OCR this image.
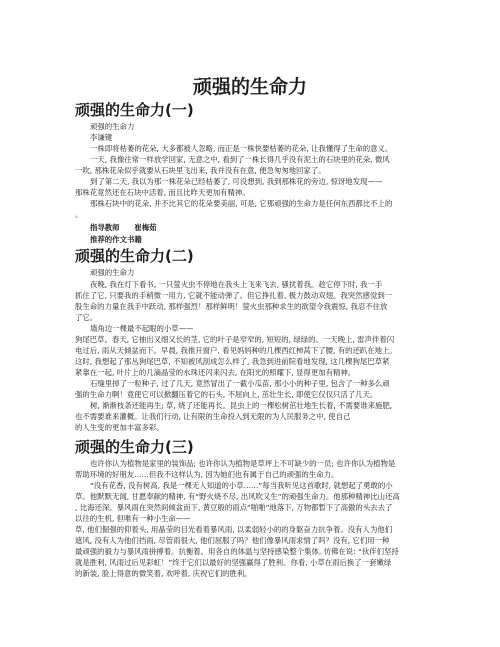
顽强的生命力
顽强的生命力(一)
顽强的生命力
李谦键
一株即将枯萎的花朵, 大多都被人忽略, 而正是一株快要枯萎的花朵, 让我懂得了生命的意义。
一天, 我像往常一样放学回家, 无意之中, 看到了一株长得几乎没有泥土的石块里的花朵, 微风
一吹, 那株花朵似乎就要从石块里飞出来, 我并没有在意, 便急匆匆地回家了。
到了第二天, 我以为那一株花朵已经枯萎了, 可没想到, 我到那株花的旁边, 惊讶地发现——
那株花竟然还在石块中活着, 而且比昨天更加有精神。
那株石块中的花朵, 并不比其它的花朵要美丽, 可是, 它那顽强的生命力是任何东西都比不上的
。
指导教师　　崔梅茹
推荐的作文书籍
顽强的生命力(二)
顽强的生命力
夜晚, 我在灯下看书, 一只萤火虫不停地在我头上飞来飞去, 骚扰着我。趁它停下时, 我一手
抓住了它, 只要我的手稍微一用力, 它就不能动弹了。但它挣扎着, 极力鼓动双翅。我突然感觉到一
股生命的力量在我手中跃动, 那样强烈！那样鲜明！萤火虫那种求生的欲望令我震惊, 我忍不住放
了它。
墙角边一棵最不起眼的小草——
狗尾巴草。春天, 它抽出又细又长的茎, 它的叶子是窄窄的, 短短的, 绿绿的。一天晚上, 雷声伴着闪
电过后, 雨从天倾盆而下。早晨, 我推开窗户, 看见妈妈种的几棵西红柿莴下了腰, 有的还趴在地上。
这时, 我想起了那丛狗尾巴草, 不知被风刮成怎么样了, 我急到进前院看地发现, 这几棵狗尾巴草紧
紧靠在一起, 叶片上的几滴晶莹的水珠还闪来闪去, 在阳光的照耀下, 显得更加有精神。
石缝里掉了一粒种子, 过了几天, 竟然冒出了一截小瓜苗, 那小小的种子里, 包含了一种多么顽
强的生命力啊！竟使它可以掀翻压着它的石头, 不屈向上, 茁壮生长, 即使它仅仅只活了几天。
树, 渐渐枝条还能再生; 草, 烧了还能再长。昆虫上的一棵松树茁壮地生长着, 不需要谁来施肥,
也不需要谁来灌概。让我们行动, 让有限的生命投入到无限的为人民服务之中, 使自己
的人生变的更加丰富多彩。
顽强的生命力(三)
也许你认为植物是家里的装饰品; 也许你认为植物是草坪上不可缺少的一员; 也许你认为植物是
帮助环境的好朋友……但我不这样认为, 因为她们也有属于自己的顽强的生命力。
“没有花香, 没有树高, 我是一棵无人知道的小草……”每当我听见这首歌时, 就想起了勇敢的小
草。他默默无闻, 甘愿奉献的精神, 有“野火烧不尽, 出风吹又生”的顽强生命力。他那种精神比山还高
, 比海还深。暴风雨在突然间倾盆而下, 黄豆般的雨点“啪啪”地落下, 万物都暂下了高傲的头去去了
以往的生机, 但唯有一种小生命——
草, 他们倔强的仰着头, 用晶莹的目光看着暴风雨, 以柔弱轻小的的身躯奋力抗争着。没有人为他们
遮风, 没有人为他们挡雨, 尽管雨很大, 他们屈服了吗？他们像暴风雨求情了吗？没有, 它们用一种
最顽强的毅力与暴风雨拼搏着。抗衡着。用各自的体温与坚持感染整个集体, 仿佛在说: “伙伴们坚持
就是胜利, 风雨过后见彩虹！”终于它们以最好的坚强赢得了胜利。你看, 小草在雨后换了一套嫩绿
的新装, 脸上得意的微笑着, 欢呼着, 庆祝它们的胜利。
